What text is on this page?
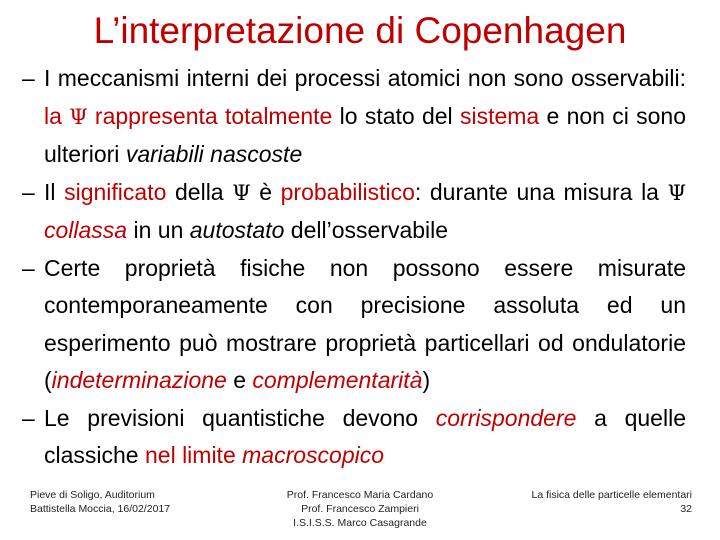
L’interpretazione di Copenhagen
– I meccanismi interni dei processi atomici non sono osservabili: la Ψ rappresenta totalmente lo stato del sistema e non ci sono ulteriori variabili nascoste
– Il significato della Ψ è probabilistico: durante una misura la Ψ collassa in un autostato dell’osservabile
– Certe proprietà fisiche non possono essere misurate contemporaneamente con precisione assoluta ed un esperimento può mostrare proprietà particellari od ondulatorie (indeterminazione e complementarità)
– Le previsioni quantistiche devono corrispondere a quelle classiche nel limite macroscopico
Pieve di Soligo, Auditorium
Battistella Moccia, 16/02/2017
Prof. Francesco Maria Cardano
Prof. Francesco Zampieri
I.S.I.S.S. Marco Casagrande
La fisica delle particelle elementari
32
